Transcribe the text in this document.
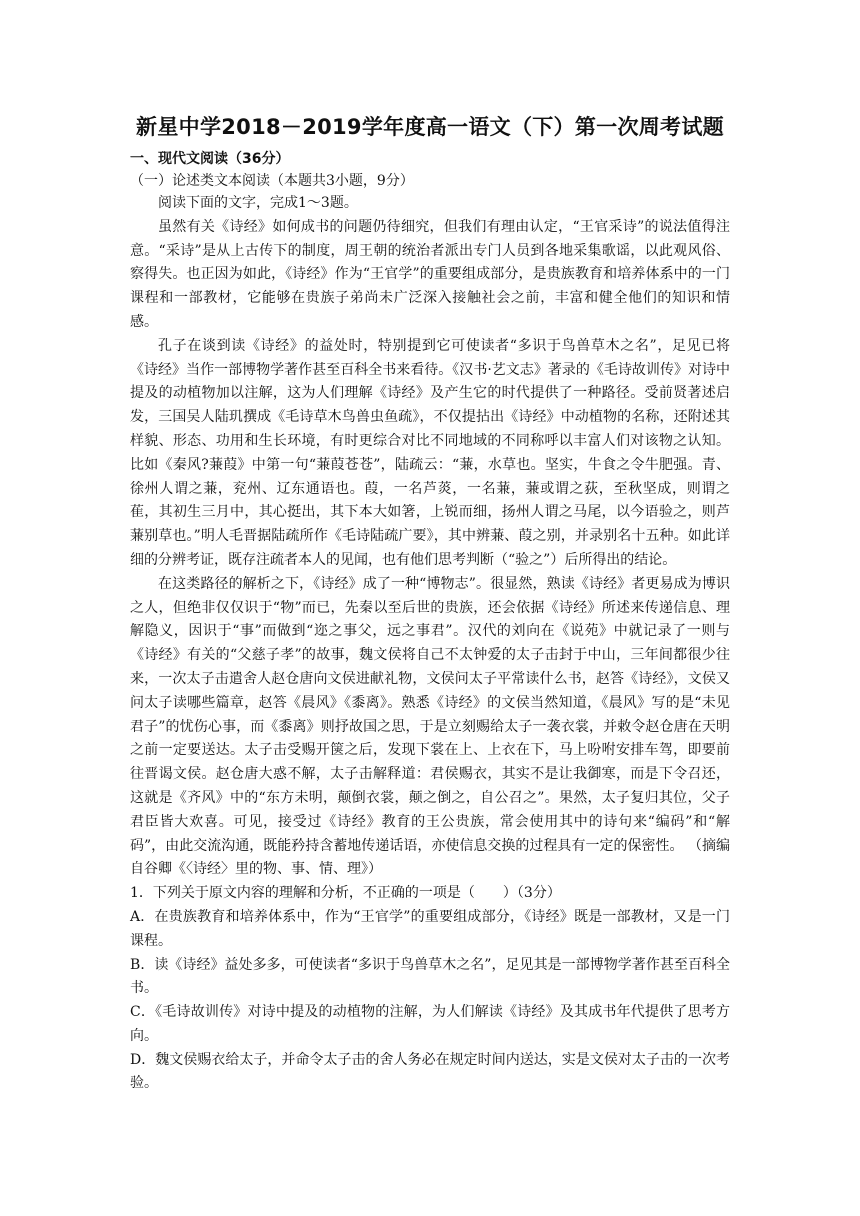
新星中学2018－2019学年度高一语文（下）第一次周考试题

一、现代文阅读（36分）

（一）论述类文本阅读（本题共3小题，9分）

阅读下面的文字，完成1～3题。

虽然有关《诗经》如何成书的问题仍待细究，但我们有理由认定，“王官采诗”的说法值得注意。“采诗”是从上古传下的制度，周王朝的统治者派出专门人员到各地采集歌谣，以此观风俗、察得失。也正因为如此，《诗经》作为“王官学”的重要组成部分，是贵族教育和培养体系中的一门课程和一部教材，它能够在贵族子弟尚未广泛深入接触社会之前，丰富和健全他们的知识和情感。

孔子在谈到读《诗经》的益处时，特别提到它可使读者“多识于鸟兽草木之名”，足见已将《诗经》当作一部博物学著作甚至百科全书来看待。《汉书·艺文志》著录的《毛诗故训传》对诗中提及的动植物加以注解，这为人们理解《诗经》及产生它的时代提供了一种路径。受前贤著述启发，三国吴人陆玑撰成《毛诗草木鸟兽虫鱼疏》，不仅提拈出《诗经》中动植物的名称，还附述其样貌、形态、功用和生长环境，有时更综合对比不同地域的不同称呼以丰富人们对该物之认知。比如《秦风?蒹葭》中第一句“蒹葭苍苍”，陆疏云：“蒹，水草也。坚实，牛食之令牛肥强。青、徐州人谓之蒹，兖州、辽东通语也。葭，一名芦菼，一名蒹，蒹或谓之荻，至秋坚成，则谓之萑，其初生三月中，其心挺出，其下本大如箸，上锐而细，扬州人谓之马尾，以今语验之，则芦蒹别草也。”明人毛晋据陆疏所作《毛诗陆疏广要》，其中辨蒹、葭之别，并录别名十五种。如此详细的分辨考证，既存注疏者本人的见闻，也有他们思考判断（“验之”）后所得出的结论。

在这类路径的解析之下，《诗经》成了一种“博物志”。很显然，熟读《诗经》者更易成为博识之人，但绝非仅仅识于“物”而已，先秦以至后世的贵族，还会依据《诗经》所述来传递信息、理解隐义，因识于“事”而做到“迩之事父，远之事君”。汉代的刘向在《说苑》中就记录了一则与《诗经》有关的“父慈子孝”的故事，魏文侯将自己不太钟爱的太子击封于中山，三年间都很少往来，一次太子击遣舍人赵仓唐向文侯进献礼物，文侯问太子平常读什么书，赵答《诗经》，文侯又问太子读哪些篇章，赵答《晨风》《黍离》。熟悉《诗经》的文侯当然知道，《晨风》写的是“未见君子”的忧伤心事，而《黍离》则抒故国之思，于是立刻赐给太子一袭衣裳，并敕令赵仓唐在天明之前一定要送达。太子击受赐开箧之后，发现下裳在上、上衣在下，马上吩咐安排车驾，即要前往晋谒文侯。赵仓唐大惑不解，太子击解释道：君侯赐衣，其实不是让我御寒，而是下令召还，这就是《齐风》中的“东方未明，颠倒衣裳，颠之倒之，自公召之”。果然，太子复归其位，父子君臣皆大欢喜。可见，接受过《诗经》教育的王公贵族，常会使用其中的诗句来“编码”和“解码”，由此交流沟通，既能矜持含蓄地传递话语，亦使信息交换的过程具有一定的保密性。 （摘编自谷卿《〈诗经〉里的物、事、情、理》）

1．下列关于原文内容的理解和分析，不正确的一项是（　　）（3分）

A．在贵族教育和培养体系中，作为“王官学”的重要组成部分，《诗经》既是一部教材，又是一门课程。

B．读《诗经》益处多多，可使读者“多识于鸟兽草木之名”，足见其是一部博物学著作甚至百科全书。

C．《毛诗故训传》对诗中提及的动植物的注解，为人们解读《诗经》及其成书年代提供了思考方向。

D．魏文侯赐衣给太子，并命令太子击的舍人务必在规定时间内送达，实是文侯对太子击的一次考验。
